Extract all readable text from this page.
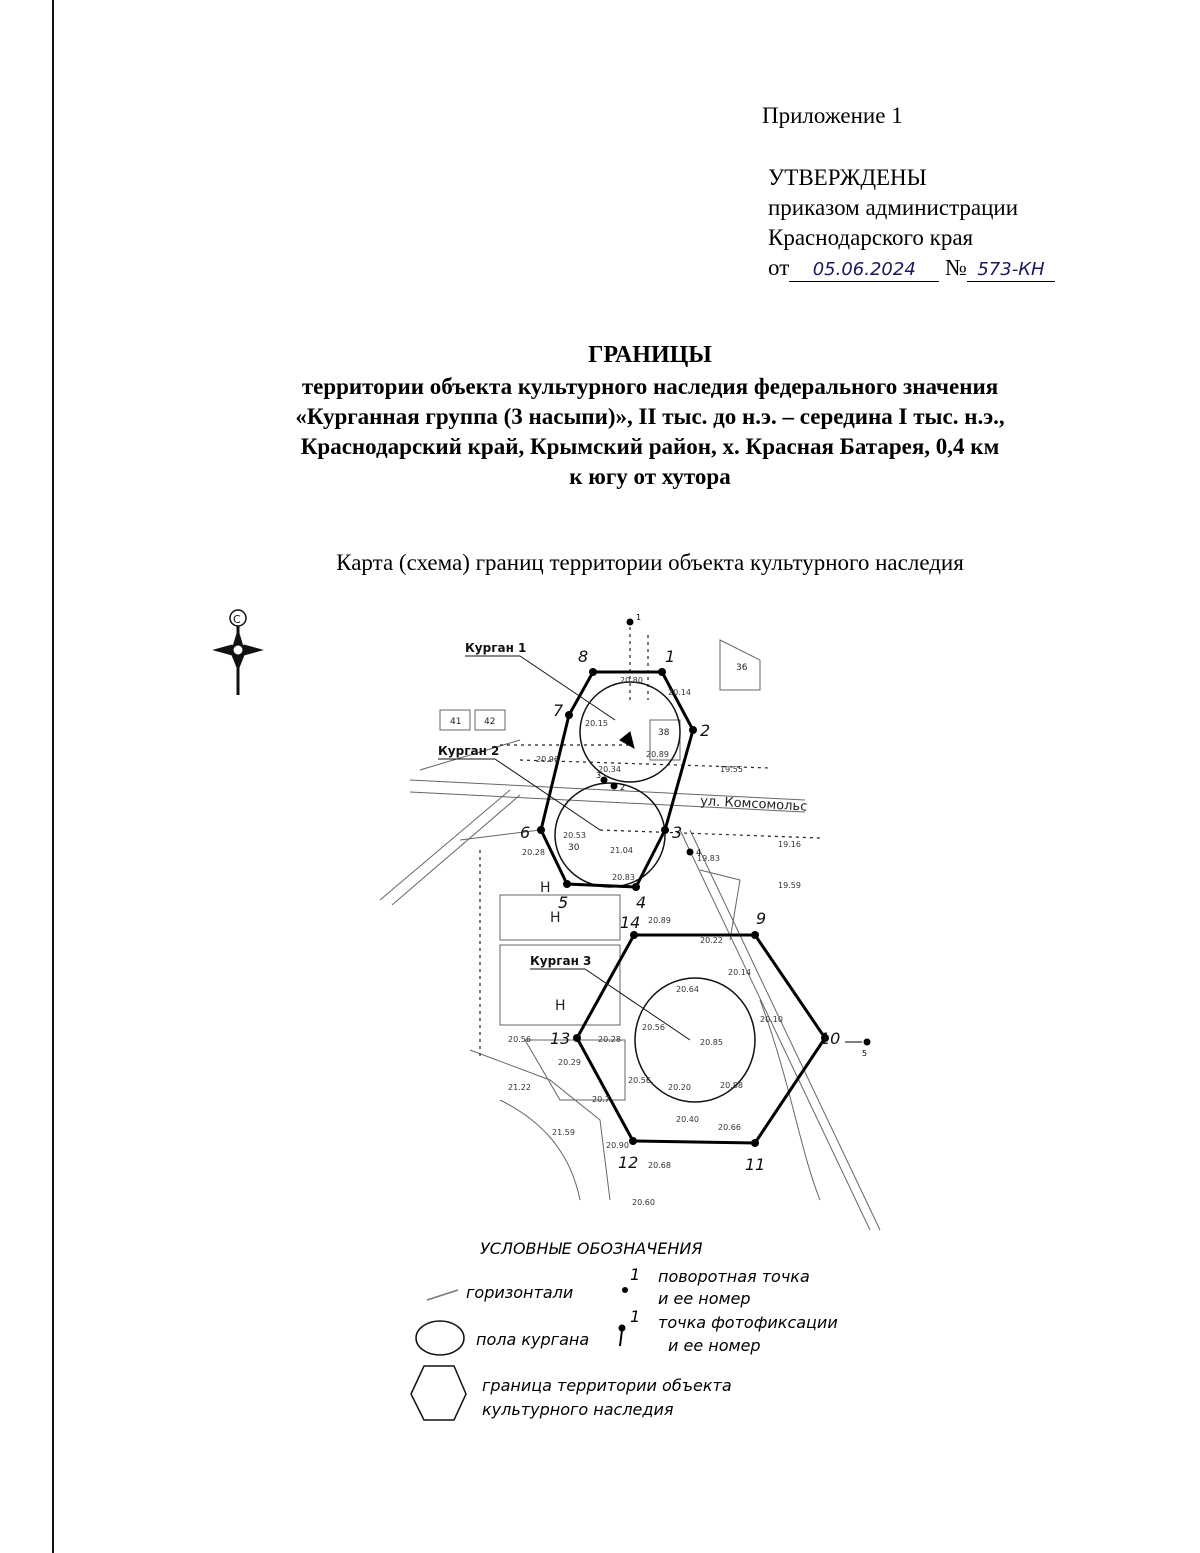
Приложение 1
УТВЕРЖДЕНЫ
приказом администрации
Краснодарского края
от 05.06.2024 № 573-КН
ГРАНИЦЫ
территории объекта культурного наследия федерального значения
«Курганная группа (3 насыпи)», II тыс. до н.э. – середина I тыс. н.э.,
Краснодарский край, Крымский район, х. Красная Батарея, 0,4 км
к югу от хутора
Карта (схема) границ территории объекта культурного наследия
С
1
2
3
4
5
6
7
8
9
10
11
12
13
14
Курган 1
Курган 2
Курган 3
ул. Комсомольс
Н
Н
Н
36
41	42
38
30
20.80
20.14
20.15
20.89
19.55
20.34
20.53
21.04
20.28
20.83
20.96
19.16
19.83
19.59
20.89
20.22
20.14
20.64
20.56
20.85
20.10
20.28
20.56
20.29
20.56
20.20	20.88
20.40
20.66
20.90
20.68
21.22
21.59
20.7
20.60
1
2
3
4
5
УСЛОВНЫЕ ОБОЗНАЧЕНИЯ
горизонтали
1 поворотная точка
и ее номер
пола кургана
1 точка фотофиксации
и ее номер
граница территории объекта
культурного наследия
